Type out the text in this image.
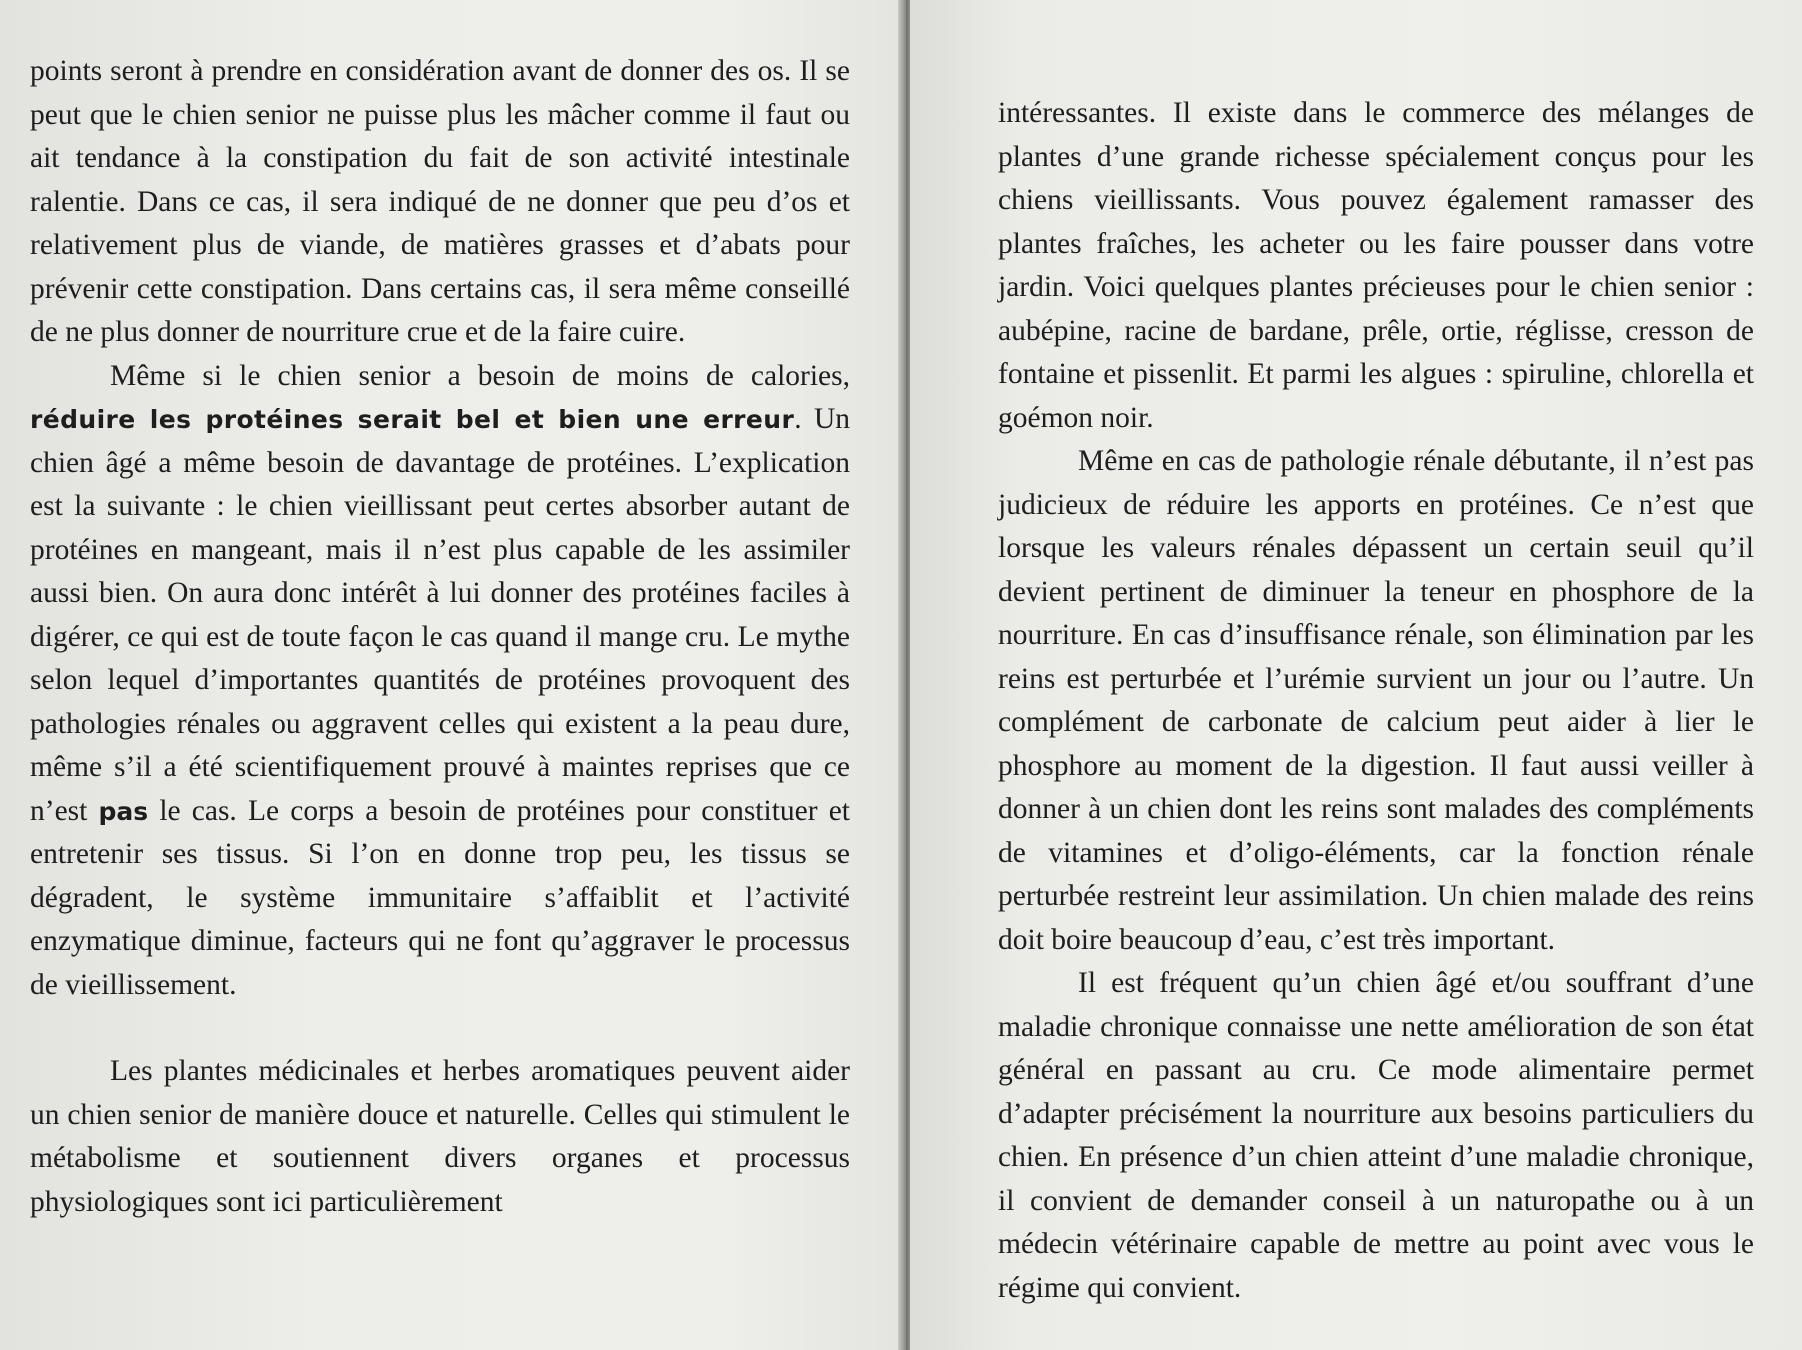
points seront à prendre en considération avant de donner des os. Il se peut que le chien senior ne puisse plus les mâcher comme il faut ou ait tendance à la constipation du fait de son activité intestinale ralentie. Dans ce cas, il sera indiqué de ne donner que peu d’os et relativement plus de viande, de matières grasses et d’abats pour prévenir cette constipation. Dans certains cas, il sera même conseillé de ne plus donner de nourriture crue et de la faire cuire.

Même si le chien senior a besoin de moins de calories, réduire les protéines serait bel et bien une erreur. Un chien âgé a même besoin de davantage de protéines. L’explication est la suivante : le chien vieillissant peut certes absorber autant de protéines en mangeant, mais il n’est plus capable de les assimiler aussi bien. On aura donc intérêt à lui donner des protéines faciles à digérer, ce qui est de toute façon le cas quand il mange cru. Le mythe selon lequel d’importantes quantités de protéines provoquent des pathologies rénales ou aggravent celles qui existent a la peau dure, même s’il a été scientifiquement prouvé à maintes reprises que ce n’est pas le cas. Le corps a besoin de protéines pour constituer et entretenir ses tissus. Si l’on en donne trop peu, les tissus se dégradent, le système immunitaire s’affaiblit et l’activité enzymatique diminue, facteurs qui ne font qu’aggraver le processus de vieillissement.

Les plantes médicinales et herbes aromatiques peuvent aider un chien senior de manière douce et naturelle. Celles qui stimulent le métabolisme et soutiennent divers organes et processus physiologiques sont ici particulièrement

intéressantes. Il existe dans le commerce des mélanges de plantes d’une grande richesse spécialement conçus pour les chiens vieillissants. Vous pouvez également ramasser des plantes fraîches, les acheter ou les faire pousser dans votre jardin. Voici quelques plantes précieuses pour le chien senior : aubépine, racine de bardane, prêle, ortie, réglisse, cresson de fontaine et pissenlit. Et parmi les algues : spiruline, chlorella et goémon noir.

Même en cas de pathologie rénale débutante, il n’est pas judicieux de réduire les apports en protéines. Ce n’est que lorsque les valeurs rénales dépassent un certain seuil qu’il devient pertinent de diminuer la teneur en phosphore de la nourriture. En cas d’insuffisance rénale, son élimination par les reins est perturbée et l’urémie survient un jour ou l’autre. Un complément de carbonate de calcium peut aider à lier le phosphore au moment de la digestion. Il faut aussi veiller à donner à un chien dont les reins sont malades des compléments de vitamines et d’oligo-éléments, car la fonction rénale perturbée restreint leur assimilation. Un chien malade des reins doit boire beaucoup d’eau, c’est très important.

Il est fréquent qu’un chien âgé et/ou souffrant d’une maladie chronique connaisse une nette amélioration de son état général en passant au cru. Ce mode alimentaire permet d’adapter précisément la nourriture aux besoins particuliers du chien. En présence d’un chien atteint d’une maladie chronique, il convient de demander conseil à un naturopathe ou à un médecin vétérinaire capable de mettre au point avec vous le régime qui convient.
